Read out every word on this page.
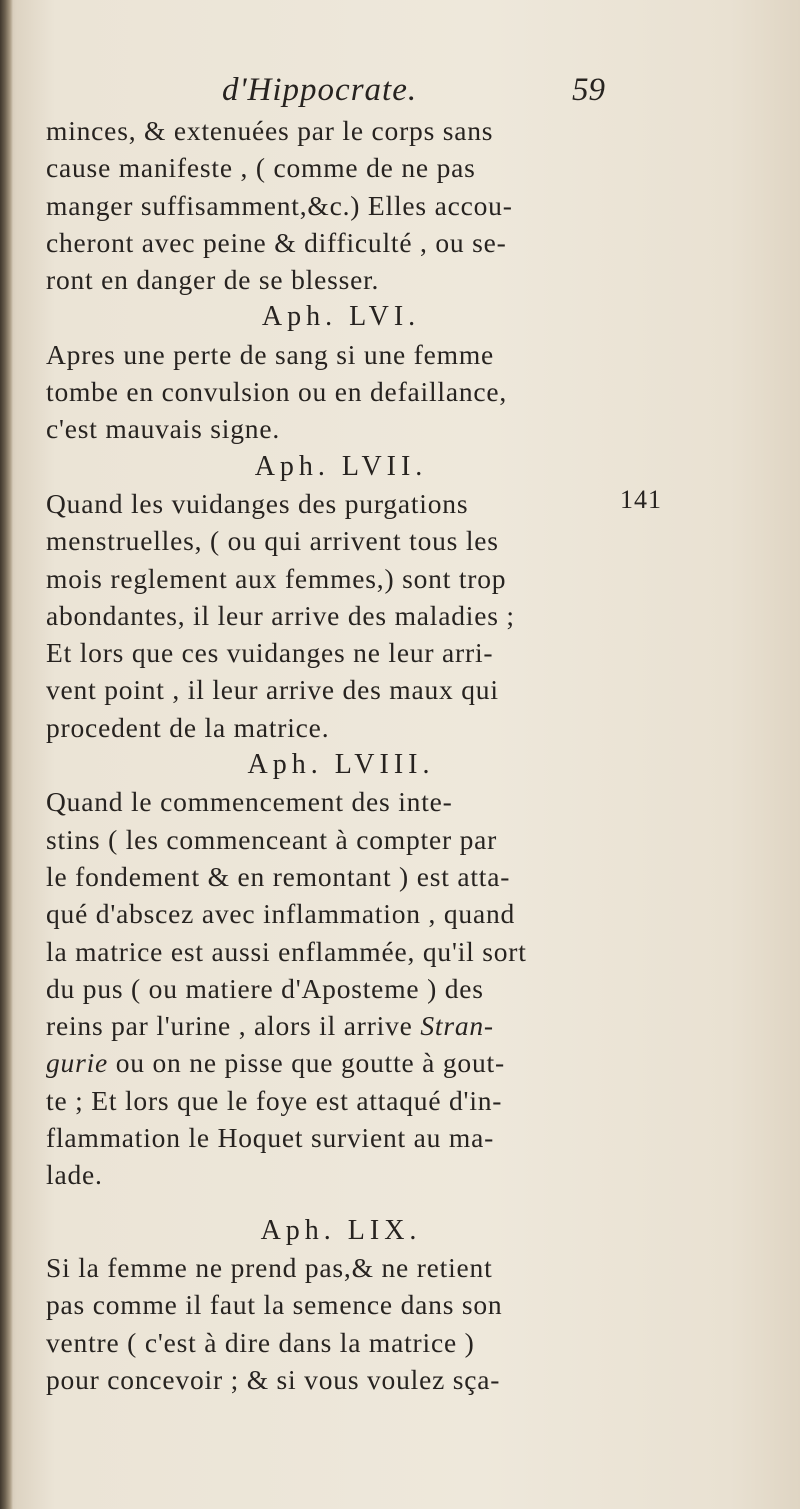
d'Hippocrate.	59
141
minces, & extenuées par le corps sans
cause manifeste , ( comme de ne pas
manger suffisamment,&c.) Elles accou-
cheront avec peine & difficulté , ou se-
ront en danger de se blesser.
Aph. LVI.
Apres une perte de sang si une femme
tombe en convulsion ou en defaillance,
c'est mauvais signe.
Aph. LVII.
Quand les vuidanges des purgations
menstruelles, ( ou qui arrivent tous les
mois reglement aux femmes,) sont trop
abondantes, il leur arrive des maladies ;
Et lors que ces vuidanges ne leur arri-
vent point , il leur arrive des maux qui
procedent de la matrice.
Aph. LVIII.
Quand le commencement des inte-
stins ( les commenceant à compter par
le fondement & en remontant ) est atta-
qué d'abscez avec inflammation , quand
la matrice est aussi enflammée, qu'il sort
du pus ( ou matiere d'Aposteme ) des
reins par l'urine , alors il arrive Stran-
gurie ou on ne pisse que goutte à gout-
te ; Et lors que le foye est attaqué d'in-
flammation le Hoquet survient au ma-
lade.
Aph. LIX.
Si la femme ne prend pas,& ne retient
pas comme il faut la semence dans son
ventre ( c'est à dire dans la matrice )
pour concevoir ; & si vous voulez sça-
